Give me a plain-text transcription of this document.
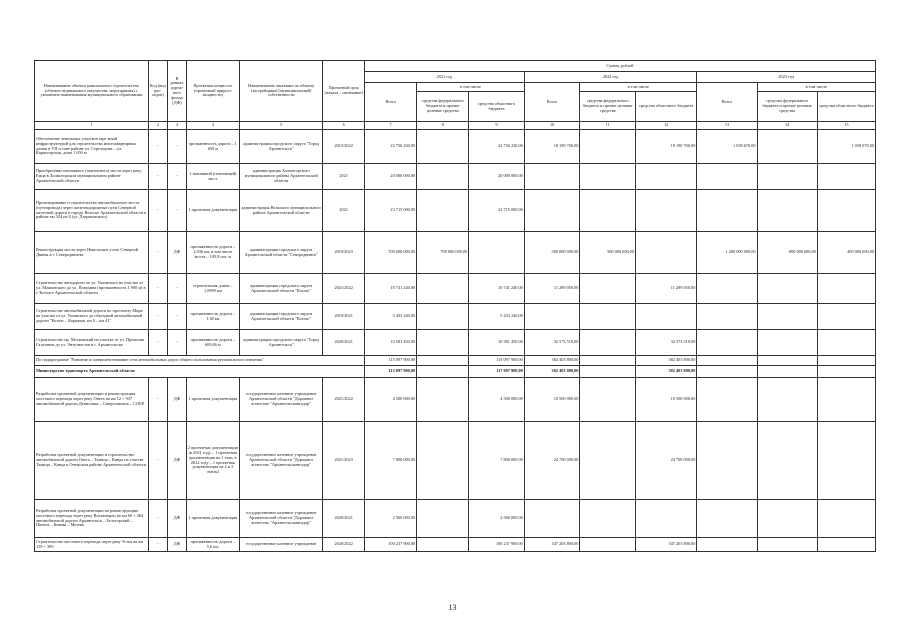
Наименование объекта капитального строительства (объекта недвижимого имущества, мероприятия) с указанием наименования муниципального образования	Код (вид рас- ходов)	В рамках дорож- ного фонда (ДФ)	Проектная мощность (проектный прирост мощности)	Наименование заказчика по объекту (застройщика) (муниципальный) собственности	Проектный срок (начала – окончание)	Сумма, рублей								
						2021 год			2022 год			2023 год		
						Всего	в том числе		Всего	в том числе		Всего	в том числе	
							средства федерального бюджета и прочие целевые средства	средства областного бюджета		средства федерального бюджета и прочие целевые средства	средства областного бюджета		средства федерального бюджета и прочие целевые средства	средства областного бюджета
1	2	3	4	5	6	7	8	9	10	11	12	13	14	15
Обеспечение земельных участков заре жной инфраструктурой для строительства многоквартирных домов в УП и тоне районе ул. Стрельцова – ул. Карпогорская, дома 1 650 м	-	-	протяженность дороги – 1 650 м	администрация городского округа "Город Архангельск"	2015/2022	22 756 230,00		22 756 230,00	18 190 700,00		18 190 700,00	1 038 670,00		1 038 670,00
Приобретение наплавного (понтонного) моста через реку Емца в Холмогорском муниципальном районе Архангельской области	-	-	1 наплавной (понтонный) мост	администрация Холмогорского муниципального района Архангельской области	2021	20 000 000,00		20 000 000,00						
Проектирование и строительство автомобильного моста (путепровода) через железнодорожные пути Северной железной дороги в городе Вельске Архангельской области в районе км 324 пк 8 (ул. Дзержинского)	-	-	1 проектная документация	администрация Вельского муниципального района Архангельской области	2021	23 715 000,00		23 715 000,00						
Реконструкция моста через Никольское устье Северной Двины в г. Северодвинске	-	ДФ	протяженность дороги – 2,936 км, в том числе моста – 185,8 пог. м	администрация городского округа Архангельской области "Северодвинск"	2019/2023	700 000 000,00	700 000 000,00		500 000 000,00	500 000 000,00		1 200 000 000,00	800 000 000,00	400 000 000,00
Строительство автодороги по ул. Ушинского на участке от ул. Маяковского до ул. Поведина (протяженность 1 900 м) в г. Котласе Архангельской области	-	-	строительная длина – 1,8999 км	администрация городского округа Архангельской области "Котлас"	2021/2022	10 741 240,00		10 741 240,00	11 289 050,00		11 289 050,00			
Строительство автомобильной дороги по проспекту Мира на участке от ул. Ушинского до объездной автомобильной дороги "Котлас – Коряжма, км 0 – км 41"	-	-	протяженность дороги – 1,38 км	администрация городского округа Архангельской области "Котлас"	2019/2021	5 433 240,00		5 433 240,00						
Строительство пр. Московский на участке от ул. Прокопия Галушина до ул. Энтузиастов в г. Архангельске	-	-	протяженность дороги – 609,06 м	администрация городского округа "Город Архангельск"	2020/2021	10 581 450,00		10 581 450,00	32 573 510,00		32 573 510,00			
По подпрограмме "Развитие и совершенствование сети автомобильных дорог общего пользования регионального значения"						115 097 900,00		115 097 900,00	382 403 800,00		382 403 800,00			
Министерство транспорта Архангельской области						115 097 900,00		117 097 900,00	382 403 800,00		382 403 800,00			
Разработка проектной документации и реконструкция мостового перехода через реку Онега на км 12 + 937 автомобильной дороги Денисовка – Североонежск – СОБР	-	ДФ	1 проектная документация	государственное казенное учреждение Архангельской области "Дорожное агентство "Архангельскавтодор"	2021/2022	4 500 000,00		4 500 000,00	10 500 000,00		10 500 000,00			
Разработка проектной документации и строительство автомобильной дороги Онега – Тамица – Кянда на участке Тамица – Кянда в Онежском районе Архангельской области	-	ДФ	2 проектных документации (в 2021 году – 1 проектная документация на 1 этап, в 2022 году – 1 проектная документация на 2 и 3 этапы)	государственное казенное учреждение Архангельской области "Дорожное агентство "Архангельскавтодор"	2021/2023	7 800 000,00		7 800 000,00	24 700 000,00		24 700 000,00			
Разработка проектной документации на реконструкцию мостового перехода через реку Вохтаморец на км 60 + 364 автомобильной дороги Архангельск – Белогорский – Пинега – Кимжа – Мезень	-	ДФ	1 проектная документация	государственное казенное учреждение Архангельской области "Дорожное агентство "Архангельскавтодор"	2020/2021	2 560 000,00		2 560 000,00						
Строительство мостового перехода через реку Устья на км 139 + 399	-	ДФ	протяженность дороги – 5,6 км,	государственное казенное учреждение	2020/2022	100 237 900,00		100 237 900,00	347 203 800,00		347 203 800,00			
13
